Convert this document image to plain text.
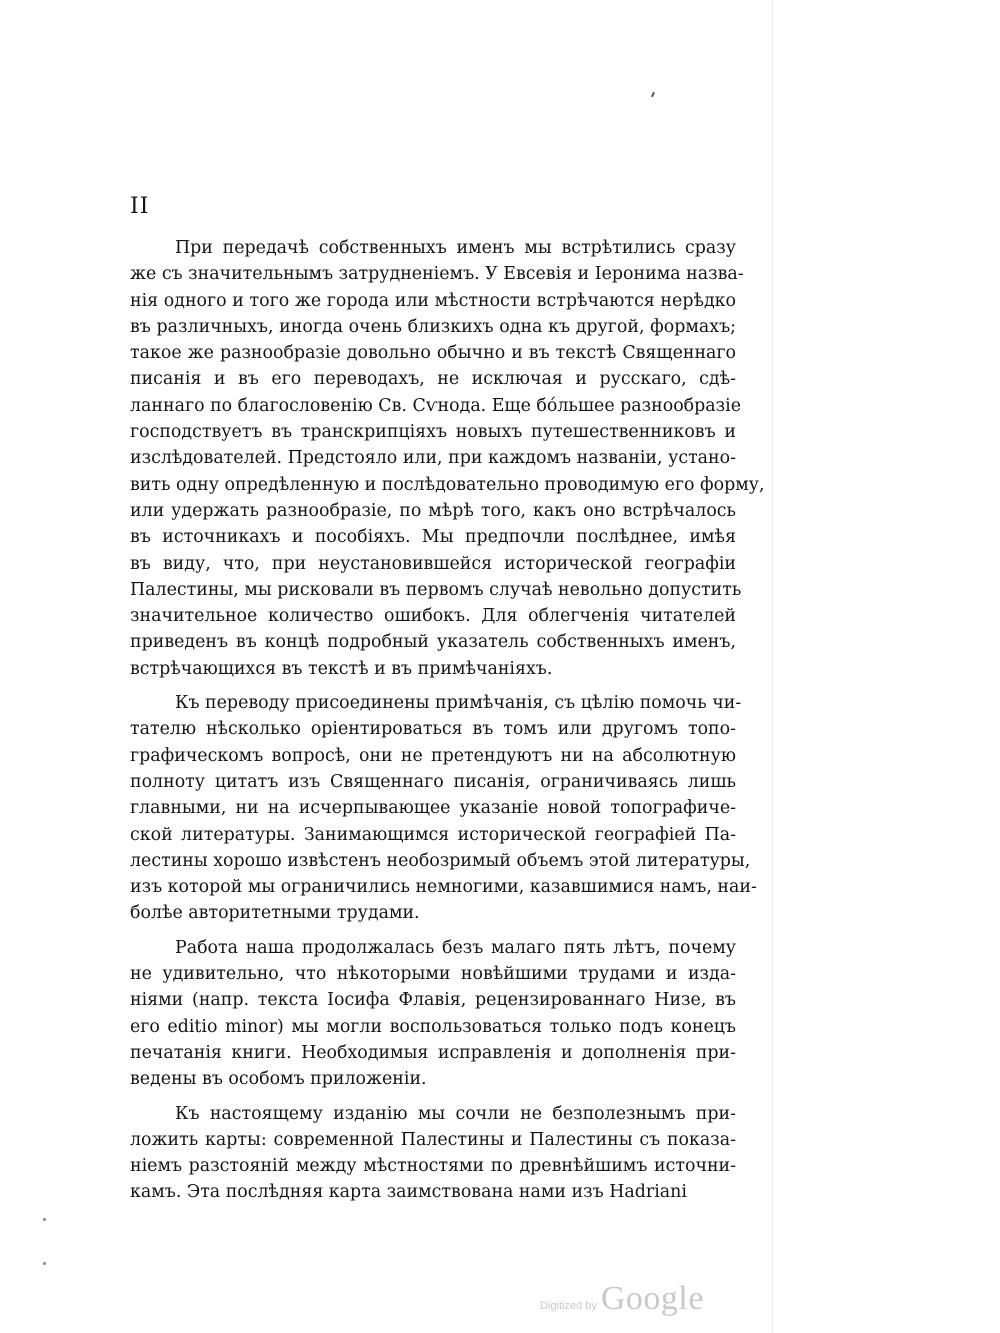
II
При передачѣ собственныхъ именъ мы встрѣтились сразу
же съ значительнымъ затрудненіемъ. У Евсевія и Іеронима назва-
нія одного и того же города или мѣстности встрѣчаются нерѣдко
въ различныхъ, иногда очень близкихъ одна къ другой, формахъ;
такое же разнообразіе довольно обычно и въ текстѣ Священнаго
писанія и въ его переводахъ, не исключая и русскаго, сдѣ-
ланнаго по благословенію Св. Сѵнода. Еще бóльшее разнообразіе
господствуетъ въ транскрипціяхъ новыхъ путешественниковъ и
изслѣдователей. Предстояло или, при каждомъ названіи, устано-
вить одну опредѣленную и послѣдовательно проводимую его форму,
или удержать разнообразіе, по мѣрѣ того, какъ оно встрѣчалось
въ источникахъ и пособіяхъ. Мы предпочли послѣднее, имѣя
въ виду, что, при неустановившейся исторической географіи
Палестины, мы рисковали въ первомъ случаѣ невольно допустить
значительное количество ошибокъ. Для облегченія читателей
приведенъ въ концѣ подробный указатель собственныхъ именъ,
встрѣчающихся въ текстѣ и въ примѣчаніяхъ.
Къ переводу присоединены примѣчанія, съ цѣлію помочь чи-
тателю нѣсколько оріентироваться въ томъ или другомъ топо-
графическомъ вопросѣ, они не претендуютъ ни на абсолютную
полноту цитатъ изъ Священнаго писанія, ограничиваясь лишь
главными, ни на исчерпывающее указаніе новой топографиче-
ской литературы. Занимающимся исторической географіей Па-
лестины хорошо извѣстенъ необозримый объемъ этой литературы,
изъ которой мы ограничились немногими, казавшимися намъ, наи-
болѣе авторитетными трудами.
Работа наша продолжалась безъ малаго пять лѣтъ, почему
не удивительно, что нѣкоторыми новѣйшими трудами и изда-
ніями (напр. текста Іосифа Флавія, рецензированнаго Низе, въ
его editio minor) мы могли воспользоваться только подъ конецъ
печатанія книги. Необходимыя исправленія и дополненія при-
ведены въ особомъ приложеніи.
Къ настоящему изданію мы сочли не безполезнымъ при-
ложить карты: современной Палестины и Палестины съ показа-
ніемъ разстояній между мѣстностями по древнѣйшимъ источни-
камъ. Эта послѣдняя карта заимствована нами изъ Hadriani
Digitized by Google
